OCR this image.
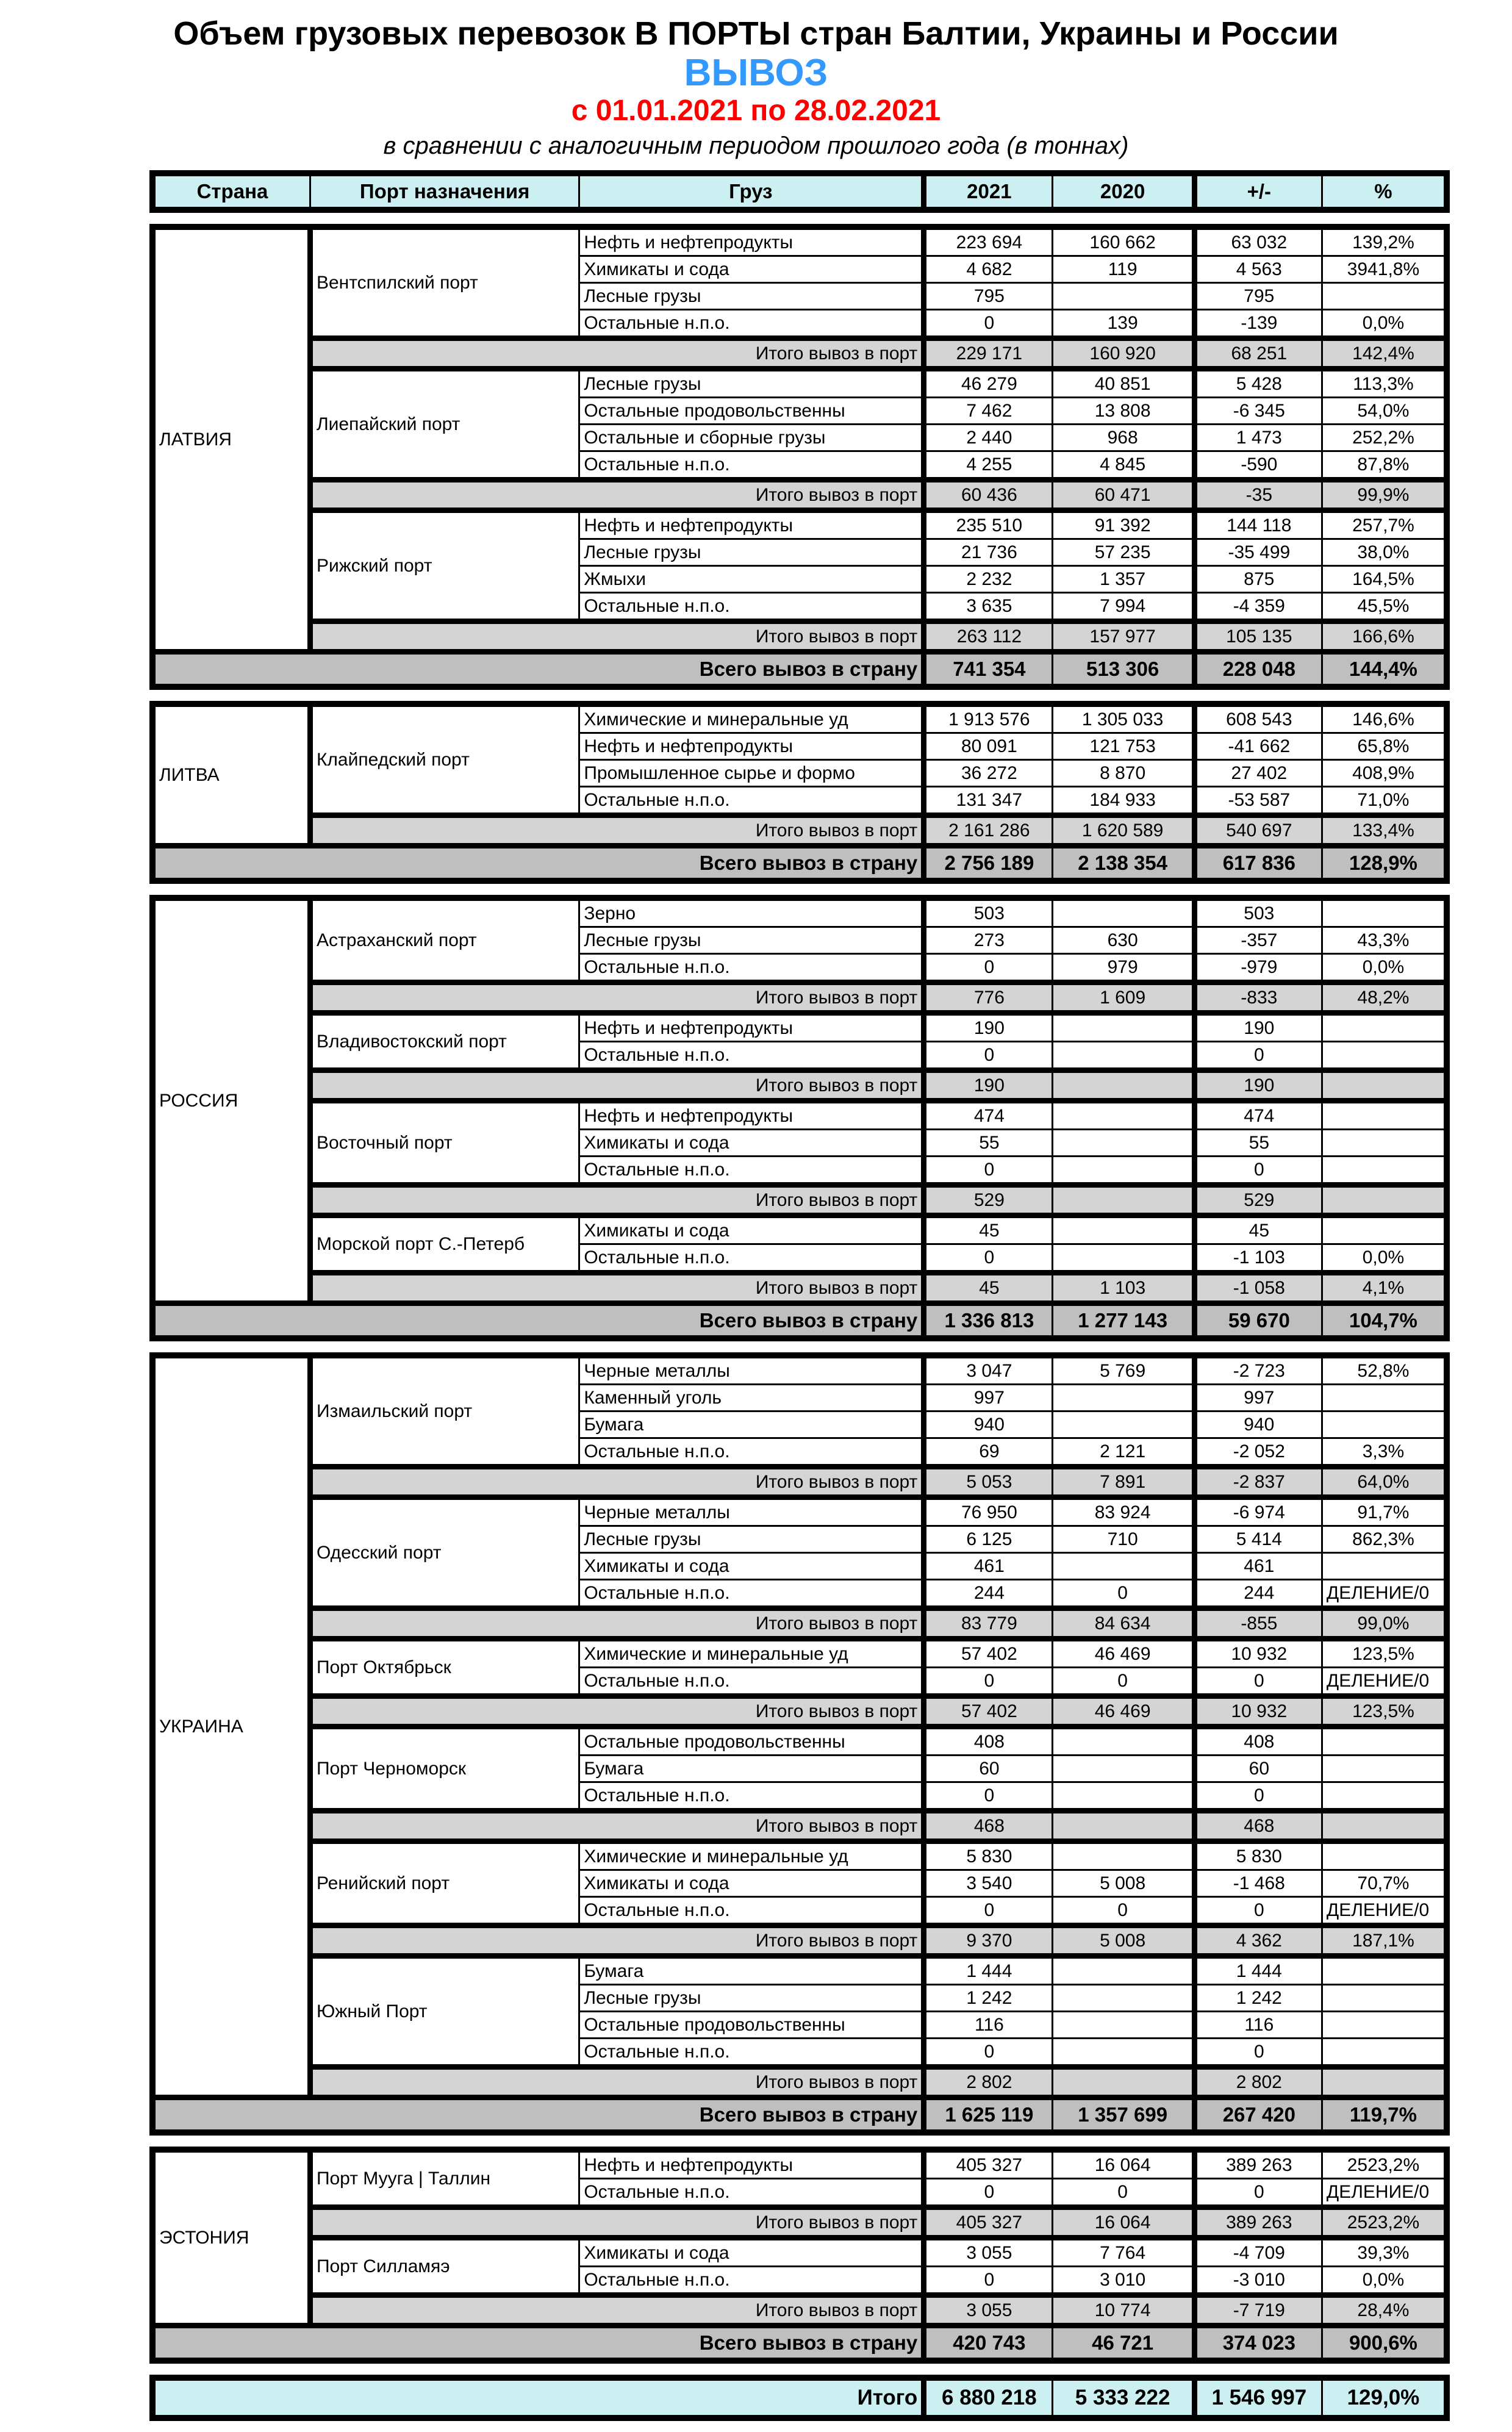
Объем грузовых перевозок В ПОРТЫ стран Балтии, Украины и России
ВЫВОЗ
с 01.01.2021 по 28.02.2021
в сравнении с аналогичным периодом прошлого года (в тоннах)
Страна	Порт назначения	Груз	2021	2020	+/-	%
ЛАТВИЯ	Вентспилский порт	Нефть и нефтепродукты	223 694	160 662	63 032	139,2%
		Химикаты и сода	4 682	119	4 563	3941,8%
		Лесные грузы	795		795	
		Остальные н.п.о.	0	139	-139	0,0%
	Итого вывоз в порт		229 171	160 920	68 251	142,4%
	Лиепайский порт	Лесные грузы	46 279	40 851	5 428	113,3%
		Остальные продовольственны	7 462	13 808	-6 345	54,0%
		Остальные и сборные грузы	2 440	968	1 473	252,2%
		Остальные н.п.о.	4 255	4 845	-590	87,8%
	Итого вывоз в порт		60 436	60 471	-35	99,9%
	Рижский порт	Нефть и нефтепродукты	235 510	91 392	144 118	257,7%
		Лесные грузы	21 736	57 235	-35 499	38,0%
		Жмыхи	2 232	1 357	875	164,5%
		Остальные н.п.о.	3 635	7 994	-4 359	45,5%
	Итого вывоз в порт		263 112	157 977	105 135	166,6%
Всего вывоз в страну			741 354	513 306	228 048	144,4%
ЛИТВА	Клайпедский порт	Химические и минеральные уд	1 913 576	1 305 033	608 543	146,6%
		Нефть и нефтепродукты	80 091	121 753	-41 662	65,8%
		Промышленное сырье и формо	36 272	8 870	27 402	408,9%
		Остальные н.п.о.	131 347	184 933	-53 587	71,0%
	Итого вывоз в порт		2 161 286	1 620 589	540 697	133,4%
Всего вывоз в страну			2 756 189	2 138 354	617 836	128,9%
РОССИЯ	Астраханский порт	Зерно	503		503	
		Лесные грузы	273	630	-357	43,3%
		Остальные н.п.о.	0	979	-979	0,0%
	Итого вывоз в порт		776	1 609	-833	48,2%
	Владивостокский порт	Нефть и нефтепродукты	190		190	
		Остальные н.п.о.	0		0	
	Итого вывоз в порт		190		190	
	Восточный порт	Нефть и нефтепродукты	474		474	
		Химикаты и сода	55		55	
		Остальные н.п.о.	0		0	
	Итого вывоз в порт		529		529	
	Морской порт С.-Петерб	Химикаты и сода	45		45	
		Остальные н.п.о.	0		-1 103	0,0%
	Итого вывоз в порт		45	1 103	-1 058	4,1%
Всего вывоз в страну			1 336 813	1 277 143	59 670	104,7%
УКРАИНА	Измаильский порт	Черные металлы	3 047	5 769	-2 723	52,8%
		Каменный уголь	997		997	
		Бумага	940		940	
		Остальные н.п.о.	69	2 121	-2 052	3,3%
	Итого вывоз в порт		5 053	7 891	-2 837	64,0%
	Одесский порт	Черные металлы	76 950	83 924	-6 974	91,7%
		Лесные грузы	6 125	710	5 414	862,3%
		Химикаты и сода	461		461	
		Остальные н.п.о.	244	0	244	ДЕЛЕНИЕ/0
	Итого вывоз в порт		83 779	84 634	-855	99,0%
	Порт Октябрьск	Химические и минеральные уд	57 402	46 469	10 932	123,5%
		Остальные н.п.о.	0	0	0	ДЕЛЕНИЕ/0
	Итого вывоз в порт		57 402	46 469	10 932	123,5%
	Порт Черноморск	Остальные продовольственны	408		408	
		Бумага	60		60	
		Остальные н.п.о.	0		0	
	Итого вывоз в порт		468		468	
	Ренийский порт	Химические и минеральные уд	5 830		5 830	
		Химикаты и сода	3 540	5 008	-1 468	70,7%
		Остальные н.п.о.	0	0	0	ДЕЛЕНИЕ/0
	Итого вывоз в порт		9 370	5 008	4 362	187,1%
	Южный Порт	Бумага	1 444		1 444	
		Лесные грузы	1 242		1 242	
		Остальные продовольственны	116		116	
		Остальные н.п.о.	0		0	
	Итого вывоз в порт		2 802		2 802	
Всего вывоз в страну			1 625 119	1 357 699	267 420	119,7%
ЭСТОНИЯ	Порт Мууга | Таллин	Нефть и нефтепродукты	405 327	16 064	389 263	2523,2%
		Остальные н.п.о.	0	0	0	ДЕЛЕНИЕ/0
	Итого вывоз в порт		405 327	16 064	389 263	2523,2%
	Порт Силламяэ	Химикаты и сода	3 055	7 764	-4 709	39,3%
		Остальные н.п.о.	0	3 010	-3 010	0,0%
	Итого вывоз в порт		3 055	10 774	-7 719	28,4%
Всего вывоз в страну			420 743	46 721	374 023	900,6%
Итого	6 880 218	5 333 222	1 546 997	129,0%
